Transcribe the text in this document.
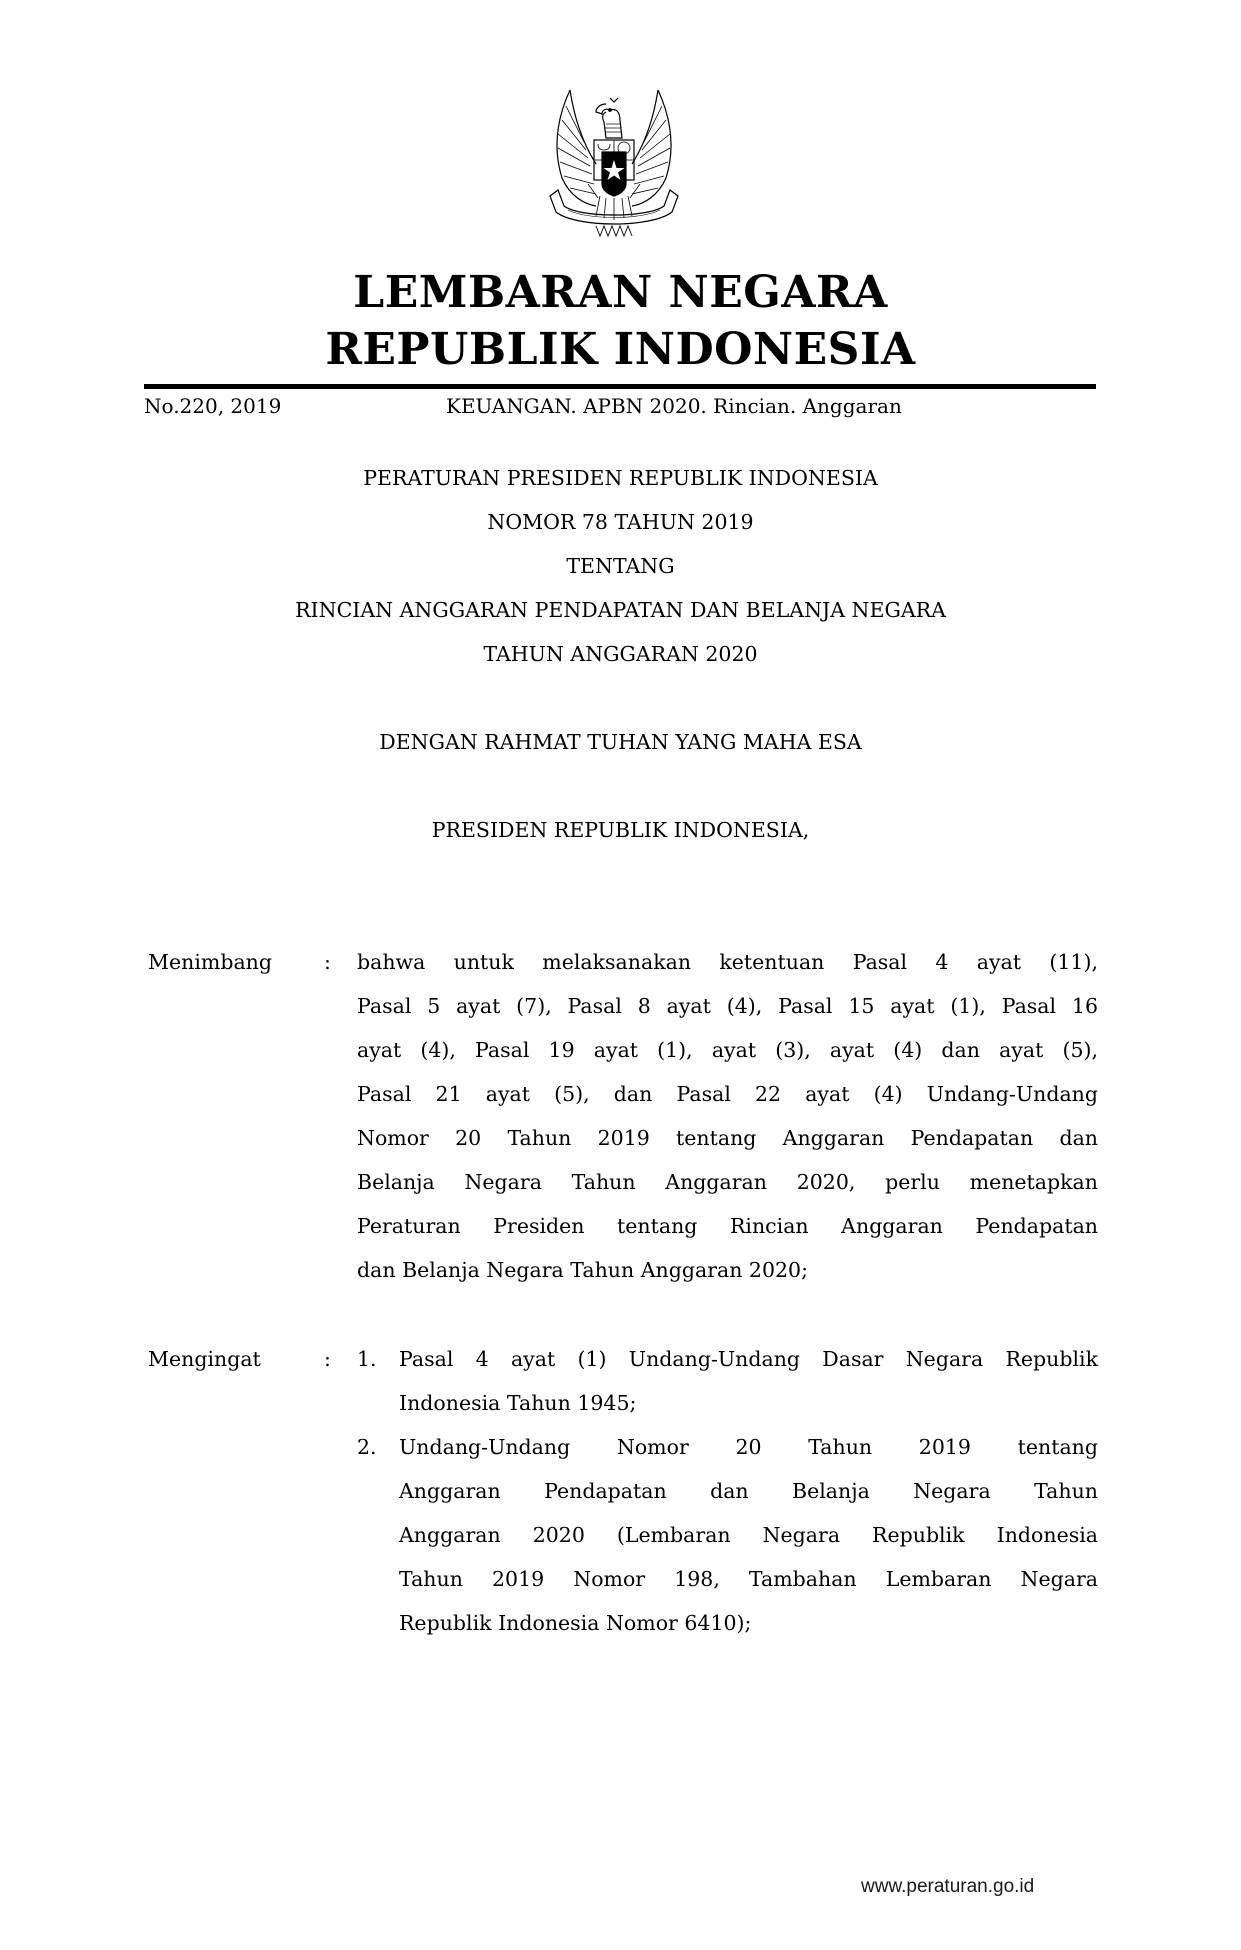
LEMBARAN NEGARA
REPUBLIK INDONESIA
No.220, 2019	KEUANGAN. APBN 2020. Rincian. Anggaran
PERATURAN PRESIDEN REPUBLIK INDONESIA
NOMOR 78 TAHUN 2019
TENTANG
RINCIAN ANGGARAN PENDAPATAN DAN BELANJA NEGARA
TAHUN ANGGARAN 2020
DENGAN RAHMAT TUHAN YANG MAHA ESA
PRESIDEN REPUBLIK INDONESIA,
Menimbang	: bahwa untuk melaksanakan ketentuan Pasal 4 ayat (11),
Pasal 5 ayat (7), Pasal 8 ayat (4), Pasal 15 ayat (1), Pasal 16
ayat (4), Pasal 19 ayat (1), ayat (3), ayat (4) dan ayat (5),
Pasal 21 ayat (5), dan Pasal 22 ayat (4) Undang-Undang
Nomor 20 Tahun 2019 tentang Anggaran Pendapatan dan
Belanja Negara Tahun Anggaran 2020, perlu menetapkan
Peraturan Presiden tentang Rincian Anggaran Pendapatan
dan Belanja Negara Tahun Anggaran 2020;
Mengingat	: 1. Pasal 4 ayat (1) Undang-Undang Dasar Negara Republik
Indonesia Tahun 1945;
2. Undang-Undang Nomor 20 Tahun 2019 tentang
Anggaran Pendapatan dan Belanja Negara Tahun
Anggaran 2020 (Lembaran Negara Republik Indonesia
Tahun 2019 Nomor 198, Tambahan Lembaran Negara
Republik Indonesia Nomor 6410);
www.peraturan.go.id
